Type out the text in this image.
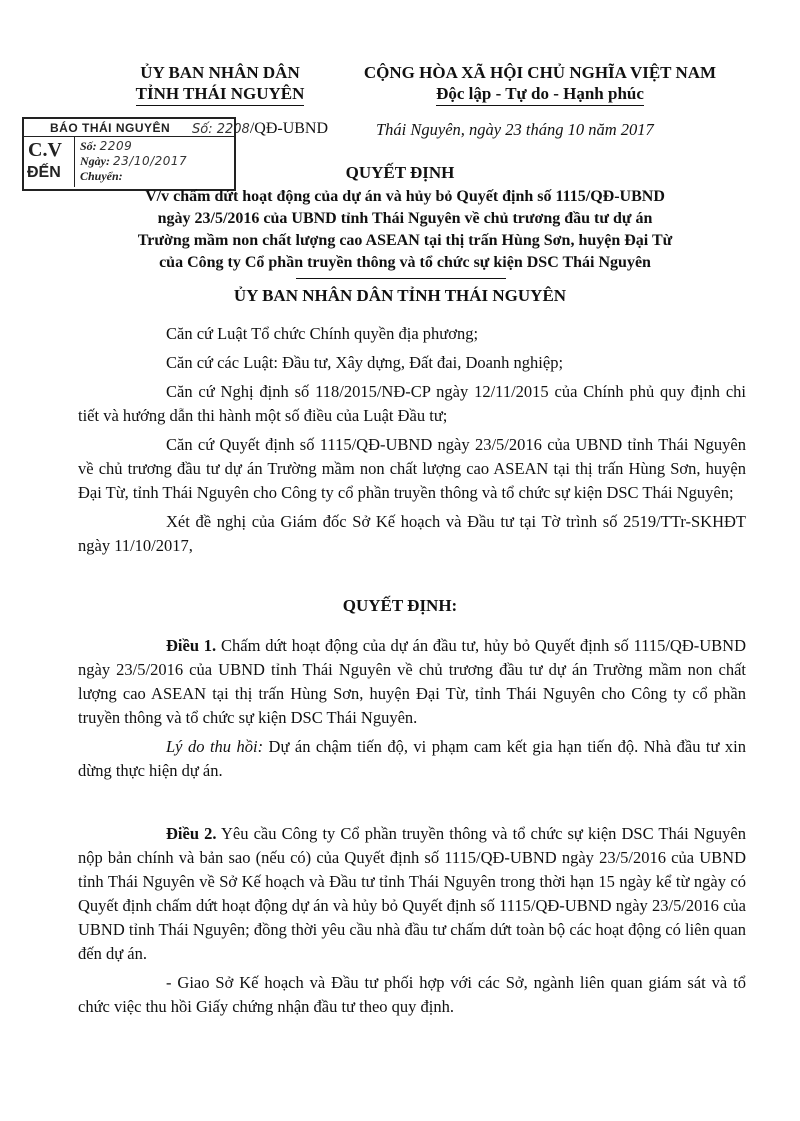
ỦY BAN NHÂN DÂN
TỈNH THÁI NGUYÊN
CỘNG HÒA XÃ HỘI CHỦ NGHĨA VIỆT NAM
Độc lập - Tự do - Hạnh phúc
Số: 2208/QĐ-UBND	Thái Nguyên, ngày 23 tháng 10 năm 2017
BÁO THÁI NGUYÊN
C.V
ĐẾN
Số: 2209
Ngày: 23/10/2017
Chuyển:	QUYẾT ĐỊNH
V/v chấm dứt hoạt động của dự án và hủy bỏ Quyết định số 1115/QĐ-UBND
ngày 23/5/2016 của UBND tỉnh Thái Nguyên về chủ trương đầu tư dự án
Trường mầm non chất lượng cao ASEAN tại thị trấn Hùng Sơn, huyện Đại Từ
của Công ty Cổ phần truyền thông và tổ chức sự kiện DSC Thái Nguyên
ỦY BAN NHÂN DÂN TỈNH THÁI NGUYÊN

Căn cứ Luật Tổ chức Chính quyền địa phương;

Căn cứ các Luật: Đầu tư, Xây dựng, Đất đai, Doanh nghiệp;

Căn cứ Nghị định số 118/2015/NĐ-CP ngày 12/11/2015 của Chính phủ quy định chi tiết và hướng dẫn thi hành một số điều của Luật Đầu tư;

Căn cứ Quyết định số 1115/QĐ-UBND ngày 23/5/2016 của UBND tỉnh Thái Nguyên về chủ trương đầu tư dự án Trường mầm non chất lượng cao ASEAN tại thị trấn Hùng Sơn, huyện Đại Từ, tỉnh Thái Nguyên cho Công ty cổ phần truyền thông và tổ chức sự kiện DSC Thái Nguyên;

Xét đề nghị của Giám đốc Sở Kế hoạch và Đầu tư tại Tờ trình số 2519/TTr-SKHĐT ngày 11/10/2017,

QUYẾT ĐỊNH:

Điều 1. Chấm dứt hoạt động của dự án đầu tư, hủy bỏ Quyết định số 1115/QĐ-UBND ngày 23/5/2016 của UBND tỉnh Thái Nguyên về chủ trương đầu tư dự án Trường mầm non chất lượng cao ASEAN tại thị trấn Hùng Sơn, huyện Đại Từ, tỉnh Thái Nguyên cho Công ty cổ phần truyền thông và tổ chức sự kiện DSC Thái Nguyên.

Lý do thu hồi: Dự án chậm tiến độ, vi phạm cam kết gia hạn tiến độ. Nhà đầu tư xin dừng thực hiện dự án.

Điều 2. Yêu cầu Công ty Cổ phần truyền thông và tổ chức sự kiện DSC Thái Nguyên nộp bản chính và bản sao (nếu có) của Quyết định số 1115/QĐ-UBND ngày 23/5/2016 của UBND tỉnh Thái Nguyên về Sở Kế hoạch và Đầu tư tỉnh Thái Nguyên trong thời hạn 15 ngày kể từ ngày có Quyết định chấm dứt hoạt động dự án và hủy bỏ Quyết định số 1115/QĐ-UBND ngày 23/5/2016 của UBND tỉnh Thái Nguyên; đồng thời yêu cầu nhà đầu tư chấm dứt toàn bộ các hoạt động có liên quan đến dự án.

- Giao Sở Kế hoạch và Đầu tư phối hợp với các Sở, ngành liên quan giám sát và tổ chức việc thu hồi Giấy chứng nhận đầu tư theo quy định.
